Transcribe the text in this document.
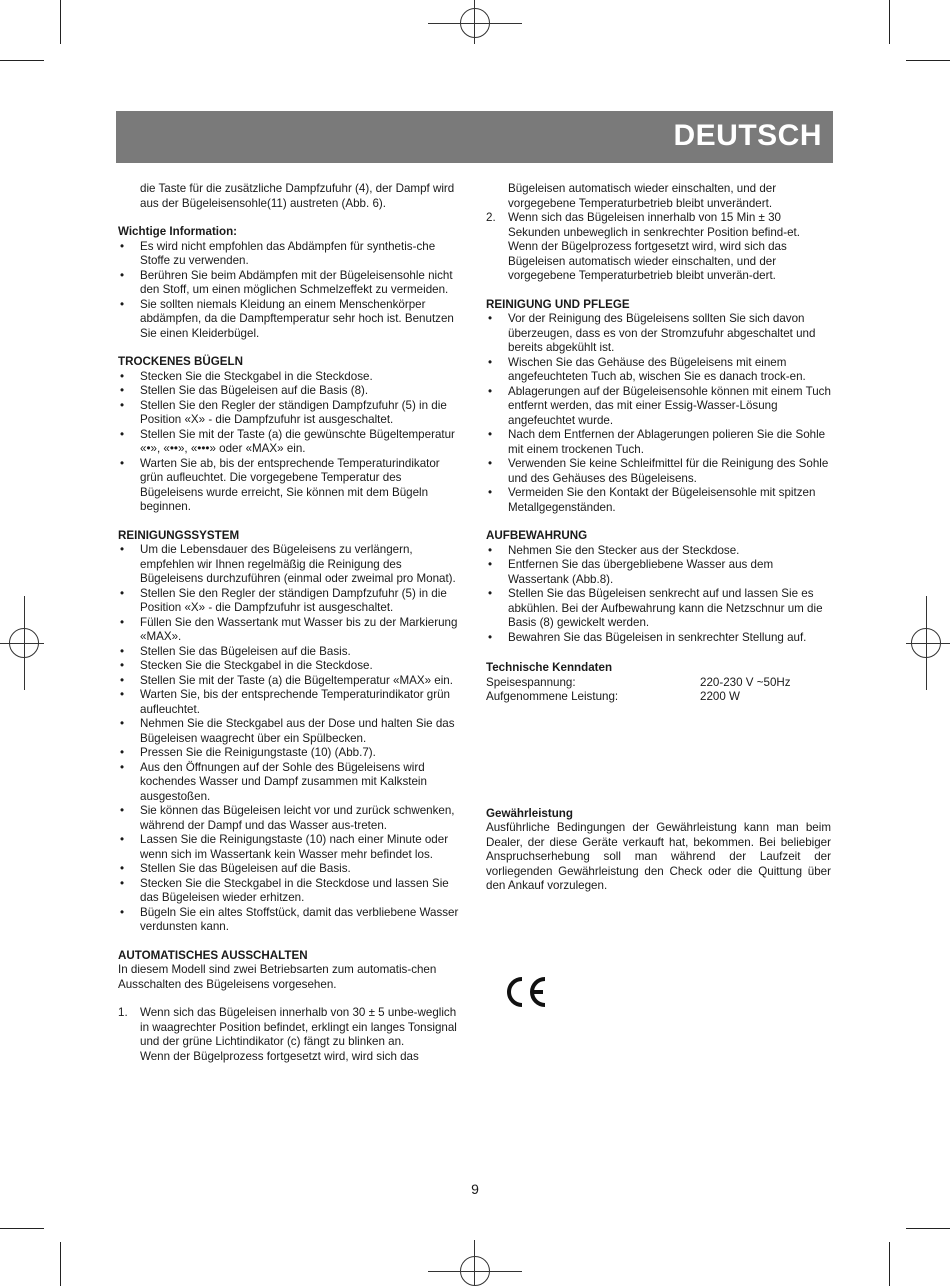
DEUTSCH
die Taste für die zusätzliche Dampfzufuhr (4), der Dampf wird aus der Bügeleisensohle(11) austreten (Abb. 6).
Wichtige Information:
• Es wird nicht empfohlen das Abdämpfen für synthetis-che Stoffe zu verwenden.
• Berühren Sie beim Abdämpfen mit der Bügeleisensohle nicht den Stoff, um einen möglichen Schmelzeffekt zu vermeiden.
• Sie sollten niemals Kleidung an einem Menschenkörper abdämpfen, da die Dampftemperatur sehr hoch ist. Benutzen Sie einen Kleiderbügel.
TROCKENES BÜGELN
• Stecken Sie die Steckgabel in die Steckdose.
• Stellen Sie das Bügeleisen auf die Basis (8).
• Stellen Sie den Regler der ständigen Dampfzufuhr (5) in die Position «X» - die Dampfzufuhr ist ausgeschaltet.
• Stellen Sie mit der Taste (a) die gewünschte Bügeltemperatur «•», «••», «•••» oder «MAX» ein.
• Warten Sie ab, bis der entsprechende Temperaturindikator grün aufleuchtet. Die vorgegebene Temperatur des Bügeleisens wurde erreicht, Sie können mit dem Bügeln beginnen.
REINIGUNGSSYSTEM
• Um die Lebensdauer des Bügeleisens zu verlängern, empfehlen wir Ihnen regelmäßig die Reinigung des Bügeleisens durchzuführen (einmal oder zweimal pro Monat).
• Stellen Sie den Regler der ständigen Dampfzufuhr (5) in die Position «X» - die Dampfzufuhr ist ausgeschaltet.
• Füllen Sie den Wassertank mut Wasser bis zu der Markierung «MAX».
• Stellen Sie das Bügeleisen auf die Basis.
• Stecken Sie die Steckgabel in die Steckdose.
• Stellen Sie mit der Taste (a) die Bügeltemperatur «MAX» ein.
• Warten Sie, bis der entsprechende Temperaturindikator grün aufleuchtet.
• Nehmen Sie die Steckgabel aus der Dose und halten Sie das Bügeleisen waagrecht über ein Spülbecken.
• Pressen Sie die Reinigungstaste (10) (Abb.7).
• Aus den Öffnungen auf der Sohle des Bügeleisens wird kochendes Wasser und Dampf zusammen mit Kalkstein ausgestoßen.
• Sie können das Bügeleisen leicht vor und zurück schwenken, während der Dampf und das Wasser aus-treten.
• Lassen Sie die Reinigungstaste (10) nach einer Minute oder wenn sich im Wassertank kein Wasser mehr befindet los.
• Stellen Sie das Bügeleisen auf die Basis.
• Stecken Sie die Steckgabel in die Steckdose und lassen Sie das Bügeleisen wieder erhitzen.
• Bügeln Sie ein altes Stoffstück, damit das verbliebene Wasser verdunsten kann.
AUTOMATISCHES AUSSCHALTEN
In diesem Modell sind zwei Betriebsarten zum automatis-chen Ausschalten des Bügeleisens vorgesehen.
1. Wenn sich das Bügeleisen innerhalb von 30 ± 5 unbe-weglich in waagrechter Position befindet, erklingt ein langes Tonsignal und der grüne Lichtindikator (c) fängt zu blinken an.
Wenn der Bügelprozess fortgesetzt wird, wird sich das
Bügeleisen automatisch wieder einschalten, und der vorgegebene Temperaturbetrieb bleibt unverändert.
2. Wenn sich das Bügeleisen innerhalb von 15 Min ± 30 Sekunden unbeweglich in senkrechter Position befind-et. Wenn der Bügelprozess fortgesetzt wird, wird sich das Bügeleisen automatisch wieder einschalten, und der vorgegebene Temperaturbetrieb bleibt unverän-dert.
REINIGUNG UND PFLEGE
• Vor der Reinigung des Bügeleisens sollten Sie sich davon überzeugen, dass es von der Stromzufuhr abgeschaltet und bereits abgekühlt ist.
• Wischen Sie das Gehäuse des Bügeleisens mit einem angefeuchteten Tuch ab, wischen Sie es danach trock-en.
• Ablagerungen auf der Bügeleisensohle können mit einem Tuch entfernt werden, das mit einer Essig-Wasser-Lösung angefeuchtet wurde.
• Nach dem Entfernen der Ablagerungen polieren Sie die Sohle mit einem trockenen Tuch.
• Verwenden Sie keine Schleifmittel für die Reinigung des Sohle und des Gehäuses des Bügeleisens.
• Vermeiden Sie den Kontakt der Bügeleisensohle mit spitzen Metallgegenständen.
AUFBEWAHRUNG
• Nehmen Sie den Stecker aus der Steckdose.
• Entfernen Sie das übergebliebene Wasser aus dem Wassertank (Abb.8).
• Stellen Sie das Bügeleisen senkrecht auf und lassen Sie es abkühlen. Bei der Aufbewahrung kann die Netzschnur um die Basis (8) gewickelt werden.
• Bewahren Sie das Bügeleisen in senkrechter Stellung auf.
Technische Kenndaten
Speisespannung:	220-230 V ~50Hz
Aufgenommene Leistung:	2200 W
Gewährleistung
Ausführliche Bedingungen der Gewährleistung kann man beim Dealer, der diese Geräte verkauft hat, bekommen. Bei beliebiger Anspruchserhebung soll man während der Laufzeit der vorliegenden Gewährleistung den Check oder die Quittung über den Ankauf vorzulegen.
9
